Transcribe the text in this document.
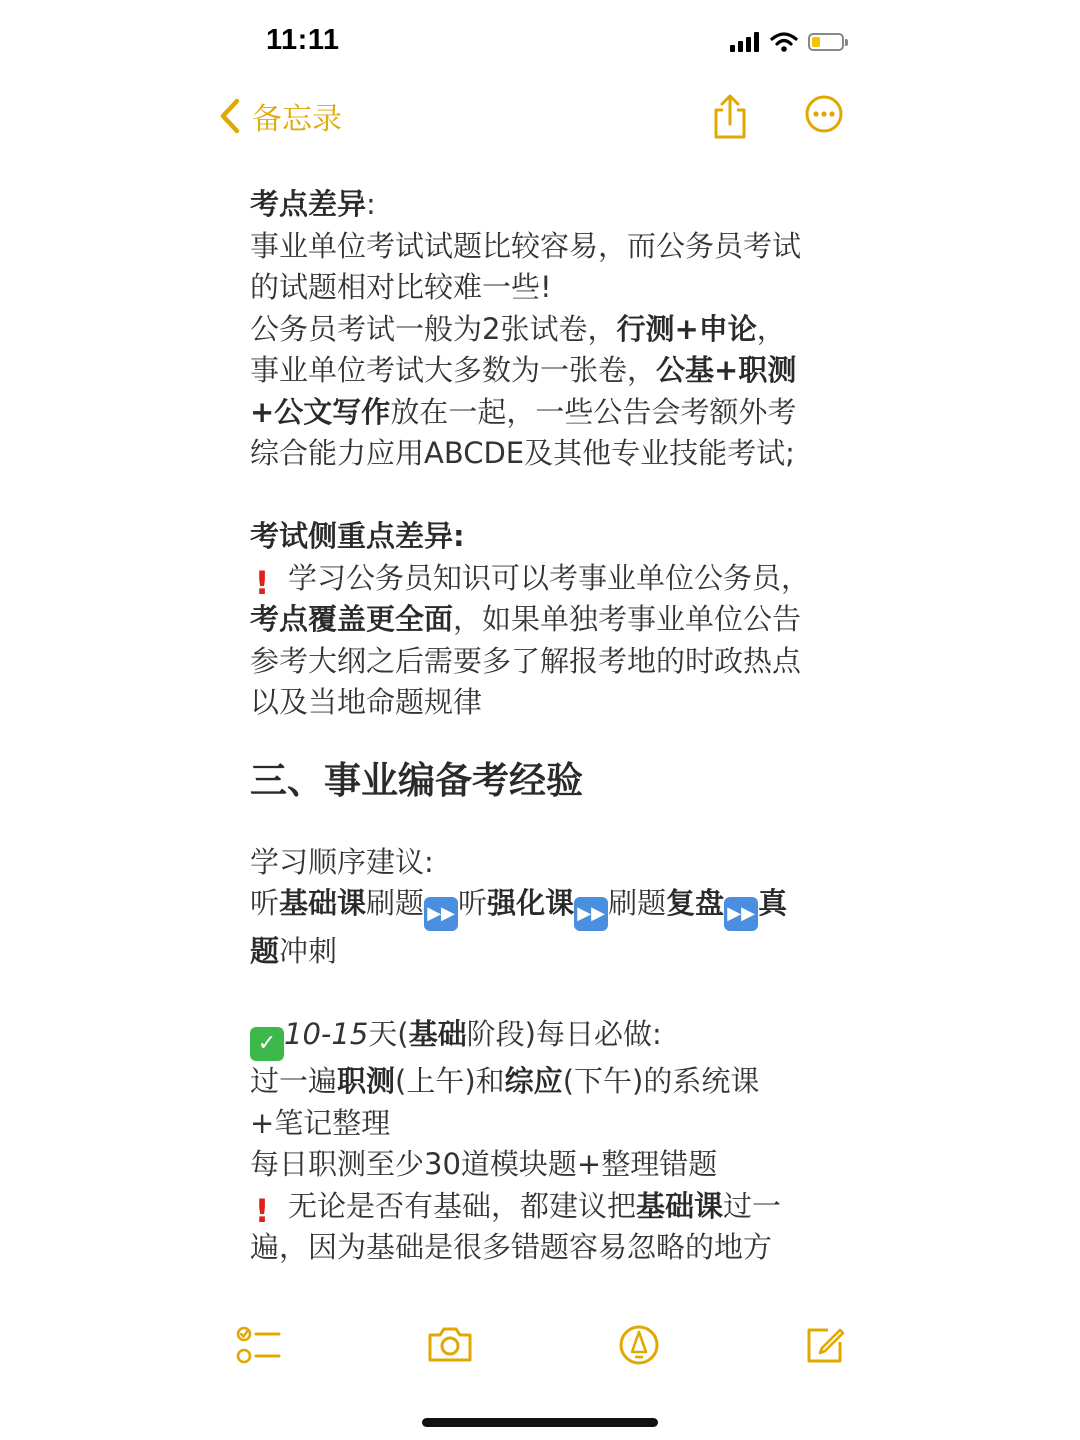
11:11
备忘录
考点差异:
事业单位考试试题比较容易，而公务员考试
的试题相对比较难一些!
公务员考试一般为2张试卷，行测+申论，
事业单位考试大多数为一张卷，公基+职测
+公文写作放在一起，一些公告会考额外考
综合能力应用ABCDE及其他专业技能考试;
考试侧重点差异:
! 学习公务员知识可以考事业单位公务员，
考点覆盖更全面，如果单独考事业单位公告
参考大纲之后需要多了解报考地的时政热点
以及当地命题规律
三、事业编备考经验
学习顺序建议:
听基础课刷题 ▶▶ 听强化课 ▶▶ 刷题复盘 ▶▶ 真
题冲刺
✓ 10-15天(基础阶段)每日必做:
过一遍职测(上午)和综应(下午)的系统课
+笔记整理
每日职测至少30道模块题+整理错题
! 无论是否有基础，都建议把基础课过一
遍，因为基础是很多错题容易忽略的地方
